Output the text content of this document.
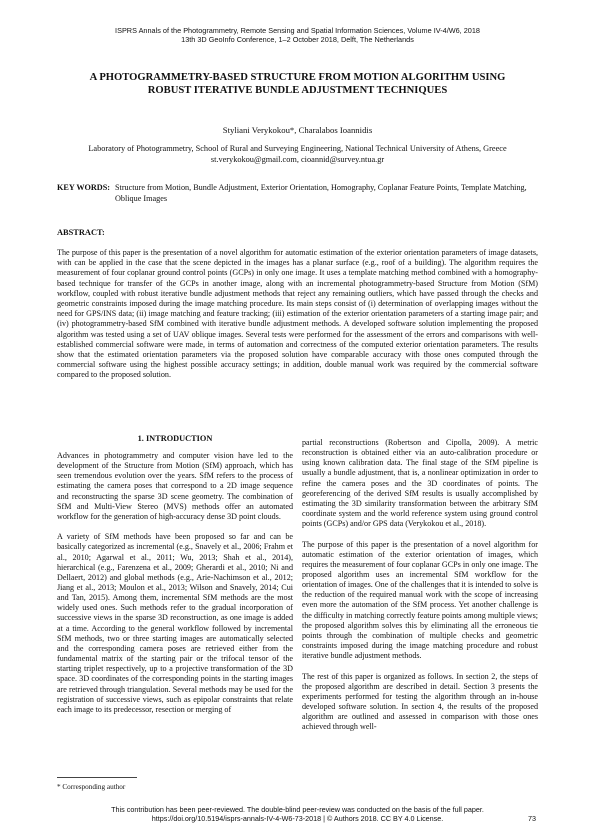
ISPRS Annals of the Photogrammetry, Remote Sensing and Spatial Information Sciences, Volume IV-4/W6, 2018
13th 3D GeoInfo Conference, 1–2 October 2018, Delft, The Netherlands
A PHOTOGRAMMETRY-BASED STRUCTURE FROM MOTION ALGORITHM USING
ROBUST ITERATIVE BUNDLE ADJUSTMENT TECHNIQUES
Styliani Verykokou*, Charalabos Ioannidis
Laboratory of Photogrammetry, School of Rural and Surveying Engineering, National Technical University of Athens, Greece
st.verykokou@gmail.com, cioannid@survey.ntua.gr
KEY WORDS: Structure from Motion, Bundle Adjustment, Exterior Orientation, Homography, Coplanar Feature Points, Template Matching, Oblique Images
ABSTRACT:
The purpose of this paper is the presentation of a novel algorithm for automatic estimation of the exterior orientation parameters of image datasets, with can be applied in the case that the scene depicted in the images has a planar surface (e.g., roof of a building). The algorithm requires the measurement of four coplanar ground control points (GCPs) in only one image. It uses a template matching method combined with a homography-based technique for transfer of the GCPs in another image, along with an incremental photogrammetry-based Structure from Motion (SfM) workflow, coupled with robust iterative bundle adjustment methods that reject any remaining outliers, which have passed through the checks and geometric constraints imposed during the image matching procedure. Its main steps consist of (i) determination of overlapping images without the need for GPS/INS data; (ii) image matching and feature tracking; (iii) estimation of the exterior orientation parameters of a starting image pair; and (iv) photogrammetry-based SfM combined with iterative bundle adjustment methods. A developed software solution implementing the proposed algorithm was tested using a set of UAV oblique images. Several tests were performed for the assessment of the errors and comparisons with well-established commercial software were made, in terms of automation and correctness of the computed exterior orientation parameters. The results show that the estimated orientation parameters via the proposed solution have comparable accuracy with those ones computed through the commercial software using the highest possible accuracy settings; in addition, double manual work was required by the commercial software compared to the proposed solution.
1. INTRODUCTION

Advances in photogrammetry and computer vision have led to the development of the Structure from Motion (SfM) approach, which has seen tremendous evolution over the years. SfM refers to the process of estimating the camera poses that correspond to a 2D image sequence and reconstructing the sparse 3D scene geometry. The combination of SfM and Multi-View Stereo (MVS) methods offer an automated workflow for the generation of high-accuracy dense 3D point clouds.

A variety of SfM methods have been proposed so far and can be basically categorized as incremental (e.g., Snavely et al., 2006; Frahm et al., 2010; Agarwal et al., 2011; Wu, 2013; Shah et al., 2014), hierarchical (e.g., Farenzena et al., 2009; Gherardi et al., 2010; Ni and Dellaert, 2012) and global methods (e.g., Arie-Nachimson et al., 2012; Jiang et al., 2013; Moulon et al., 2013; Wilson and Snavely, 2014; Cui and Tan, 2015). Among them, incremental SfM methods are the most widely used ones. Such methods refer to the gradual incorporation of successive views in the sparse 3D reconstruction, as one image is added at a time. According to the general workflow followed by incremental SfM methods, two or three starting images are automatically selected and the corresponding camera poses are retrieved either from the fundamental matrix of the starting pair or the trifocal tensor of the starting triplet respectively, up to a projective transformation of the 3D space. 3D coordinates of the corresponding points in the starting images are retrieved through triangulation. Several methods may be used for the registration of successive views, such as epipolar constraints that relate each image to its predecessor, resection or merging of

partial reconstructions (Robertson and Cipolla, 2009). A metric reconstruction is obtained either via an auto-calibration procedure or using known calibration data. The final stage of the SfM pipeline is usually a bundle adjustment, that is, a nonlinear optimization in order to refine the camera poses and the 3D coordinates of points. The georeferencing of the derived SfM results is usually accomplished by estimating the 3D similarity transformation between the arbitrary SfM coordinate system and the world reference system using ground control points (GCPs) and/or GPS data (Verykokou et al., 2018).

The purpose of this paper is the presentation of a novel algorithm for automatic estimation of the exterior orientation of images, which requires the measurement of four coplanar GCPs in only one image. The proposed algorithm uses an incremental SfM workflow for the orientation of images. One of the challenges that it is intended to solve is the reduction of the required manual work with the scope of increasing even more the automation of the SfM process. Yet another challenge is the difficulty in matching correctly feature points among multiple views; the proposed algorithm solves this by eliminating all the erroneous tie points through the combination of multiple checks and geometric constraints imposed during the image matching procedure and robust iterative bundle adjustment methods.

The rest of this paper is organized as follows. In section 2, the steps of the proposed algorithm are described in detail. Section 3 presents the experiments performed for testing the algorithm through an in-house developed software solution. In section 4, the results of the proposed algorithm are outlined and assessed in comparison with those ones achieved through well-

* Corresponding author
This contribution has been peer-reviewed. The double-blind peer-review was conducted on the basis of the full paper.
https://doi.org/10.5194/isprs-annals-IV-4-W6-73-2018 | © Authors 2018. CC BY 4.0 License.	73
